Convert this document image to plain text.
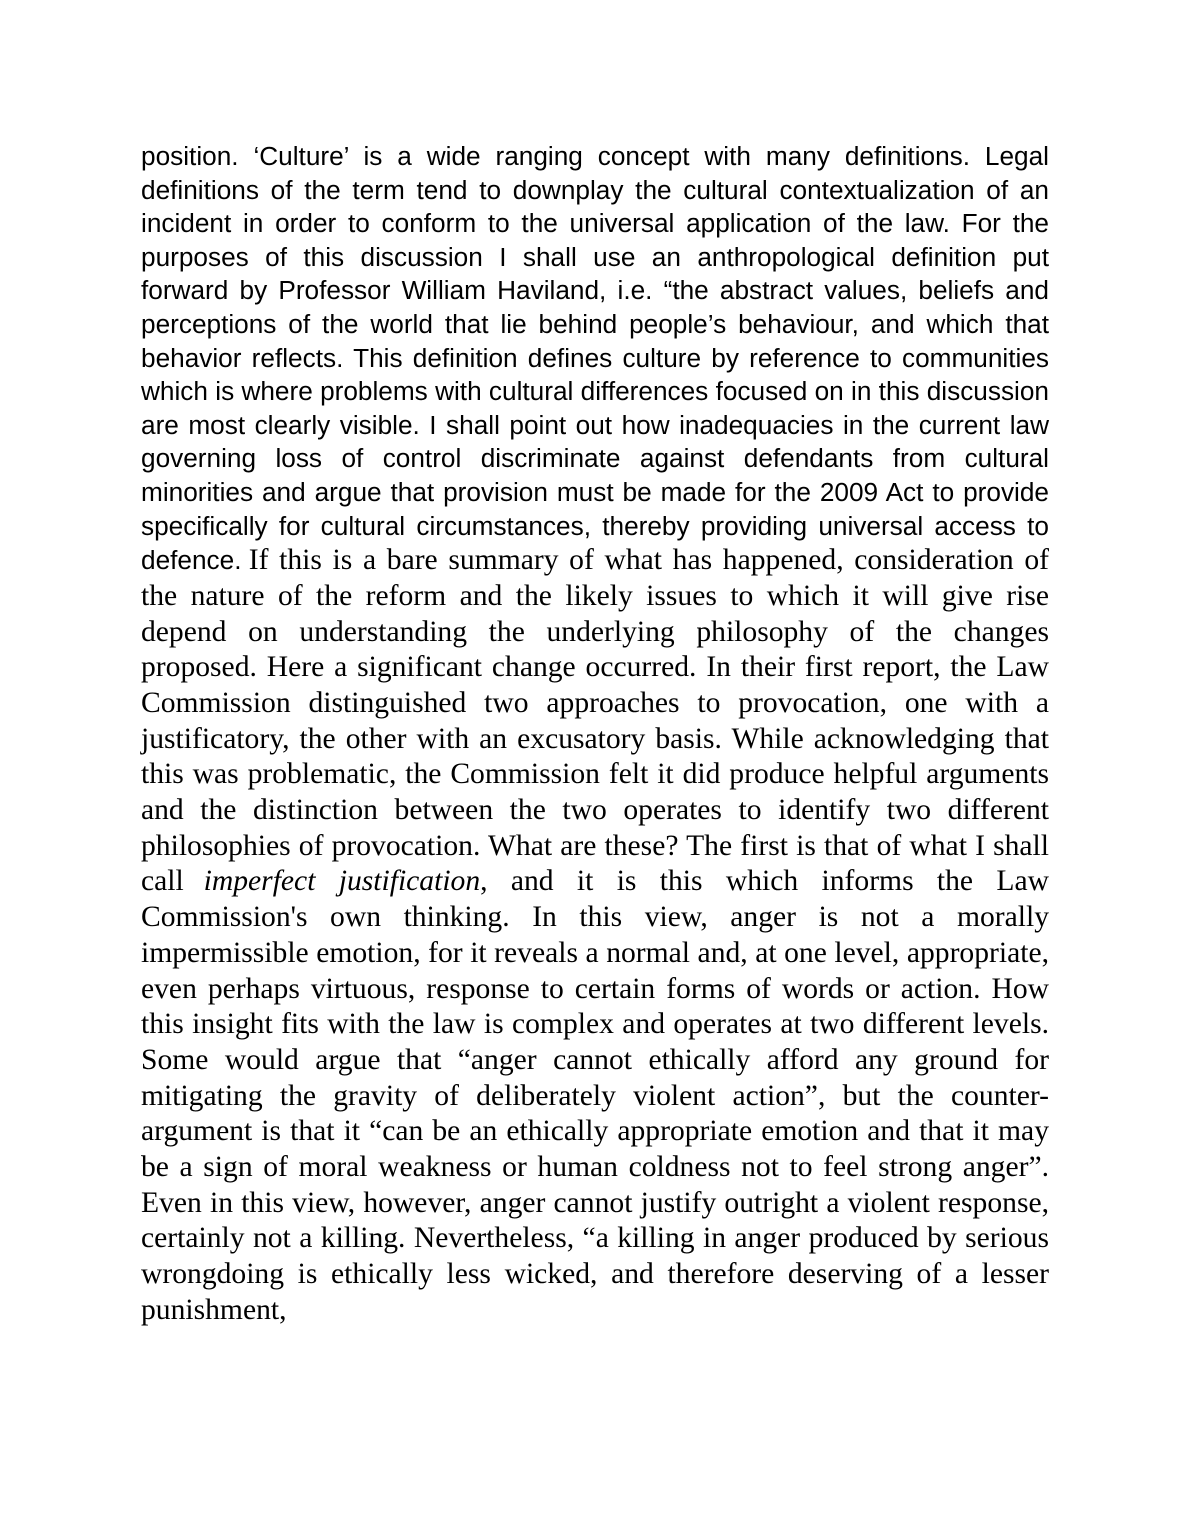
position. ‘Culture’ is a wide ranging concept with many definitions. Legal definitions of the term tend to downplay the cultural contextualization of an incident in order to conform to the universal application of the law. For the purposes of this discussion I shall use an anthropological definition put forward by Professor William Haviland, i.e. “the abstract values, beliefs and perceptions of the world that lie behind people’s behaviour, and which that behavior reflects. This definition defines culture by reference to communities which is where problems with cultural differences focused on in this discussion are most clearly visible. I shall point out how inadequacies in the current law governing loss of control discriminate against defendants from cultural minorities and argue that provision must be made for the 2009 Act to provide specifically for cultural circumstances, thereby providing universal access to defence. If this is a bare summary of what has happened, consideration of the nature of the reform and the likely issues to which it will give rise depend on understanding the underlying philosophy of the changes proposed. Here a significant change occurred. In their first report, the Law Commission distinguished two approaches to provocation, one with a justificatory, the other with an excusatory basis. While acknowledging that this was problematic, the Commission felt it did produce helpful arguments and the distinction between the two operates to identify two different philosophies of provocation. What are these? The first is that of what I shall call imperfect justification, and it is this which informs the Law Commission's own thinking. In this view, anger is not a morally impermissible emotion, for it reveals a normal and, at one level, appropriate, even perhaps virtuous, response to certain forms of words or action. How this insight fits with the law is complex and operates at two different levels. Some would argue that “anger cannot ethically afford any ground for mitigating the gravity of deliberately violent action”, but the counter-argument is that it “can be an ethically appropriate emotion and that it may be a sign of moral weakness or human coldness not to feel strong anger”. Even in this view, however, anger cannot justify outright a violent response, certainly not a killing. Nevertheless, “a killing in anger produced by serious wrongdoing is ethically less wicked, and therefore deserving of a lesser punishment,
